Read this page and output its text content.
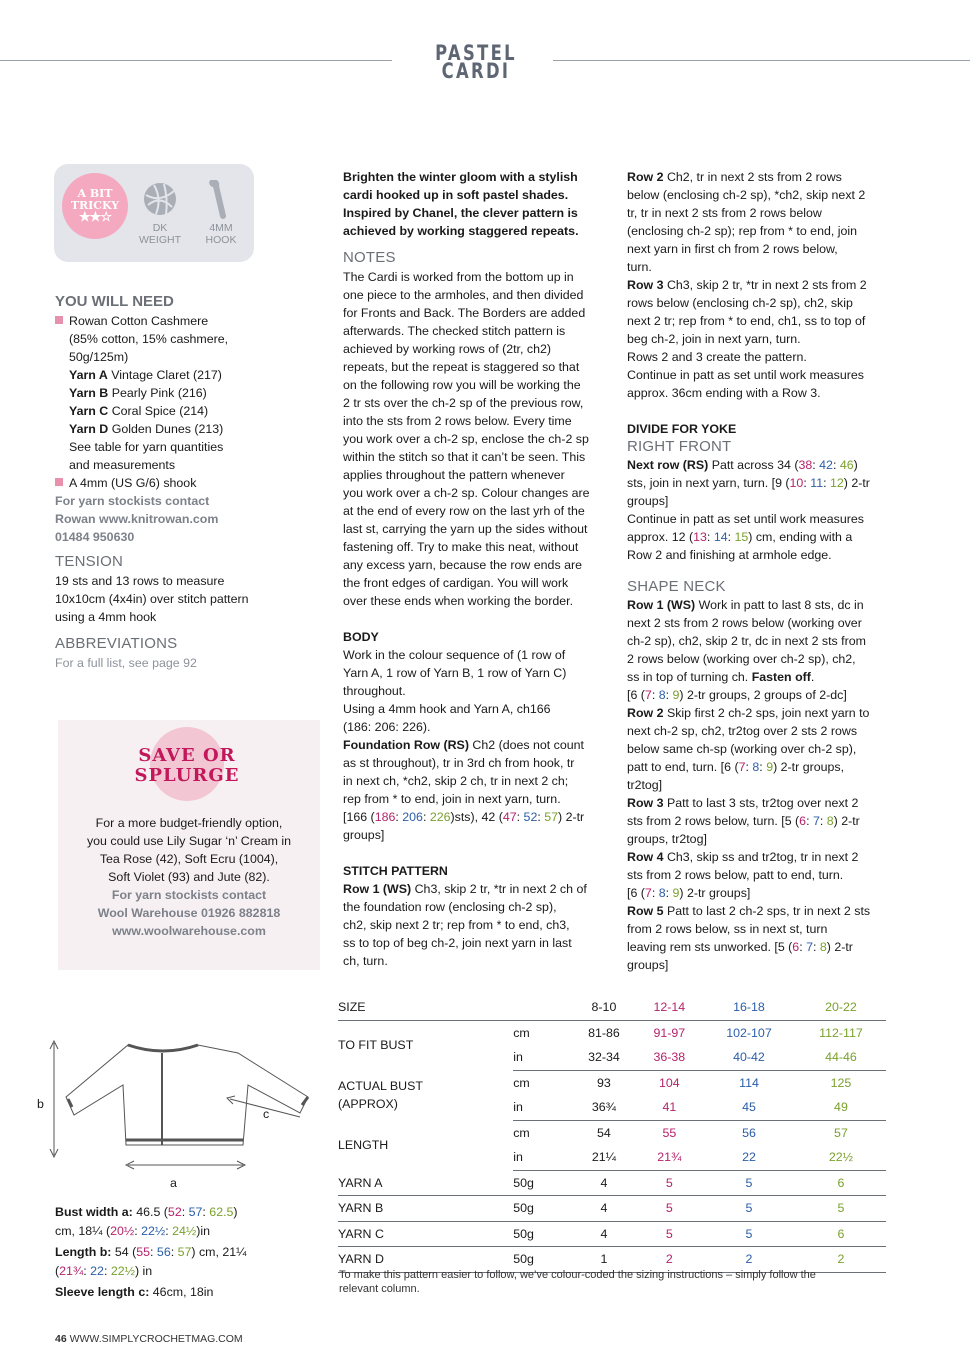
PASTEL CARDI
A BIT
TRICKY
★★☆
DK
WEIGHT
4MM
HOOK

YOU WILL NEED

Rowan Cotton Cashmere

(85% cotton, 15% cashmere,

50g/125m)

Yarn A Vintage Claret (217)

Yarn B Pearly Pink (216)

Yarn C Coral Spice (214)

Yarn D Golden Dunes (213)

See table for yarn quantities

and measurements

A 4mm (US G/6) shook

For yarn stockists contact

Rowan www.knitrowan.com

01484 950630

TENSION

19 sts and 13 rows to measure

10x10cm (4x4in) over stitch pattern

using a 4mm hook

ABBREVIATIONS

For a full list, see page 92

SAVE OR
SPLURGE
For a more budget-friendly option,
you could use Lily Sugar ‘n’ Cream in
Tea Rose (42), Soft Ecru (1004),
Soft Violet (93) and Jute (82).
For yarn stockists contact
Wool Warehouse 01926 882818
www.woolwarehouse.com

Brighten the winter gloom with a stylish

cardi hooked up in soft pastel shades.

Inspired by Chanel, the clever pattern is

achieved by working staggered repeats.

NOTES

The Cardi is worked from the bottom up in

one piece to the armholes, and then divided

for Fronts and Back. The Borders are added

afterwards. The checked stitch pattern is

achieved by working rows of (2tr, ch2)

repeats, but the repeat is staggered so that

on the following row you will be working the

2 tr sts over the ch-2 sp of the previous row,

into the sts from 2 rows below. Every time

you work over a ch-2 sp, enclose the ch-2 sp

within the stitch so that it can’t be seen. This

applies throughout the pattern whenever

you work over a ch-2 sp. Colour changes are

at the end of every row on the last yrh of the

last st, carrying the yarn up the sides without

fastening off. Try to make this neat, without

any excess yarn, because the row ends are

the front edges of cardigan. You will work

over these ends when working the border.

BODY

Work in the colour sequence of (1 row of

Yarn A, 1 row of Yarn B, 1 row of Yarn C)

throughout.

Using a 4mm hook and Yarn A, ch166

(186: 206: 226).

Foundation Row (RS) Ch2 (does not count

as st throughout), tr in 3rd ch from hook, tr

in next ch, *ch2, skip 2 ch, tr in next 2 ch;

rep from * to end, join in next yarn, turn.

[166 (186: 206: 226)sts), 42 (47: 52: 57) 2-tr

groups]

STITCH PATTERN

Row 1 (WS) Ch3, skip 2 tr, *tr in next 2 ch of

the foundation row (enclosing ch-2 sp),

ch2, skip next 2 tr; rep from * to end, ch3,

ss to top of beg ch-2, join next yarn in last

ch, turn.

Row 2 Ch2, tr in next 2 sts from 2 rows

below (enclosing ch-2 sp), *ch2, skip next 2

tr, tr in next 2 sts from 2 rows below

(enclosing ch-2 sp); rep from * to end, join

next yarn in first ch from 2 rows below,

turn.

Row 3 Ch3, skip 2 tr, *tr in next 2 sts from 2

rows below (enclosing ch-2 sp), ch2, skip

next 2 tr; rep from * to end, ch1, ss to top of

beg ch-2, join in next yarn, turn.

Rows 2 and 3 create the pattern.

Continue in patt as set until work measures

approx. 36cm ending with a Row 3.

DIVIDE FOR YOKE

RIGHT FRONT

Next row (RS) Patt across 34 (38: 42: 46)

sts, join in next yarn, turn. [9 (10: 11: 12) 2-tr

groups]

Continue in patt as set until work measures

approx. 12 (13: 14: 15) cm, ending with a

Row 2 and finishing at armhole edge.

SHAPE NECK

Row 1 (WS) Work in patt to last 8 sts, dc in

next 2 sts from 2 rows below (working over

ch-2 sp), ch2, skip 2 tr, dc in next 2 sts from

2 rows below (working over ch-2 sp), ch2,

ss in top of turning ch. Fasten off.

[6 (7: 8: 9) 2-tr groups, 2 groups of 2-dc]

Row 2 Skip first 2 ch-2 sps, join next yarn to

next ch-2 sp, ch2, tr2tog over 2 sts 2 rows

below same ch-sp (working over ch-2 sp),

patt to end, turn. [6 (7: 8: 9) 2-tr groups,

tr2tog]

Row 3 Patt to last 3 sts, tr2tog over next 2

sts from 2 rows below, turn. [5 (6: 7: 8) 2-tr

groups, tr2tog]

Row 4 Ch3, skip ss and tr2tog, tr in next 2

sts from 2 rows below, patt to end, turn.

[6 (7: 8: 9) 2-tr groups]

Row 5 Patt to last 2 ch-2 sps, tr in next 2 sts

from 2 rows below, ss in next st, turn

leaving rem sts unworked. [5 (6: 7: 8) 2-tr

groups]

b
c
a

Bust width a: 46.5 (52: 57: 62.5)

cm, 18¼ (20½: 22½: 24½)in

Length b: 54 (55: 56: 57) cm, 21¼

(21¾: 22: 22½) in

Sleeve length c: 46cm, 18in

SIZE		8-10	12-14	16-18	20-22
TO FIT BUST	cm	81-86	91-97	102-107	112-117
	in	32-34	36-38	40-42	44-46

ACTUAL BUST
(APPROX)	cm	93	104	114	125
	in	36¾	41	45	49
LENGTH	cm	54	55	56	57
	in	21¼	21¾	22	22½
YARN A	50g	4	5	5	6
YARN B	50g	4	5	5	5
YARN C	50g	4	5	5	6
YARN D	50g	1	2	2	2
To make this pattern easier to follow, we’ve colour-coded the sizing instructions – simply follow the
relevant column.
46 WWW.SIMPLYCROCHETMAG.COM
